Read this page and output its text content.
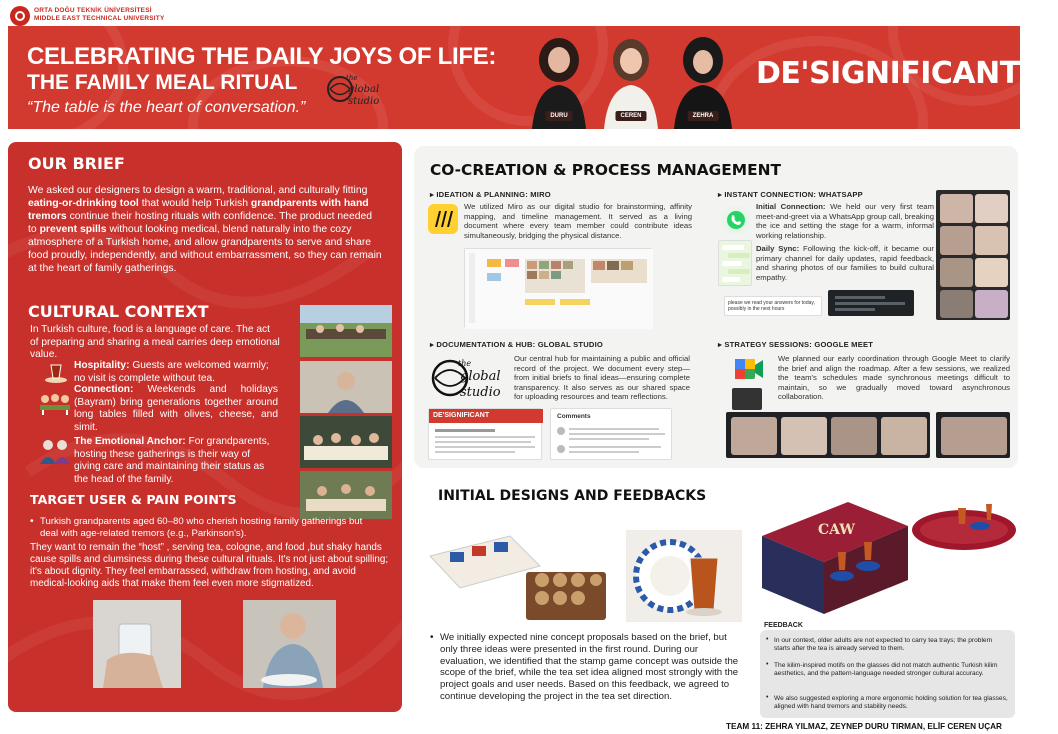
ORTA DOĞU TEKNİK ÜNİVERSİTESİ
MIDDLE EAST TECHNICAL UNIVERSITY
CELEBRATING THE DAILY JOYS OF LIFE:
THE FAMILY MEAL RITUAL
“The table is the heart of conversation.”
the
global
studio
DURU	CEREN	ZEHRA
DE'SIGNIFICANTS
OUR BRIEF
We asked our designers to design a warm, traditional, and culturally fitting eating-or-drinking tool that would help Turkish grandparents with hand tremors continue their hosting rituals with confidence. The product needed to prevent spills without looking medical, blend naturally into the cozy atmosphere of a Turkish home, and allow grandparents to serve and share food proudly, independently, and without embarrassment, so they can remain at the heart of family gatherings.
CULTURAL CONTEXT
In Turkish culture, food is a language of care. The act of preparing and sharing a meal carries deep emotional value.
Hospitality: Guests are welcomed warmly; no visit is complete without tea.
Connection: Weekends and holidays (Bayram) bring generations together around long tables filled with olives, cheese, and simit.
The Emotional Anchor: For grandparents, hosting these gatherings is their way of giving care and maintaining their status as the head of the family.
TARGET USER & PAIN POINTS
• Turkish grandparents aged 60–80 who cherish hosting family gatherings but deal with age-related tremors (e.g., Parkinson's).
They want to remain the “host” , serving tea, cologne, and food ,but shaky hands cause spills and clumsiness during these cultural rituals. It's not just about spilling; it's about dignity. They feel embarrassed, withdraw from hosting, and avoid medical-looking aids that make them feel even more stigmatized.
CO-CREATION & PROCESS MANAGEMENT
▸ IDEATION & PLANNING: MIRO
We utilized Miro as our digital studio for brainstorming, affinity mapping, and timeline management. It served as a living document where every team member could contribute ideas simultaneously, bridging the physical distance.
▸ INSTANT CONNECTION: WHATSAPP
Initial Connection: We held our very first team meet-and-greet via a WhatsApp group call, breaking the ice and setting the stage for a warm, informal working relationship.
Daily Sync: Following the kick-off, it became our primary channel for daily updates, rapid feedback, and sharing photos of our families to build cultural empathy.
please we read your answers for today, possibly in the next hours
▸ DOCUMENTATION & HUB: GLOBAL STUDIO
the
global
studio
Our central hub for maintaining a public and official record of the project. We document every step—from initial briefs to final ideas—ensuring complete transparency. It also serves as our shared space for uploading resources and team reflections.
DE'SIGNIFICANT	Comments
▸ STRATEGY SESSIONS: GOOGLE MEET
We planned our early coordination through Google Meet to clarify the brief and align the roadmap. After a few sessions, we realized the team's schedules made synchronous meetings difficult to maintain, so we gradually moved toward asynchronous collaboration.
INITIAL DESIGNS AND FEEDBACKS
CAW
• We initially expected nine concept proposals based on the brief, but only three ideas were presented in the first round. During our evaluation, we identified that the stamp game concept was outside the scope of the brief, while the tea set idea aligned most strongly with the project goals and user needs. Based on this feedback, we agreed to continue developing the project in the tea set direction.
FEEDBACK
• In our context, older adults are not expected to carry tea trays; the problem starts after the tea is already served to them.
• The kilim-inspired motifs on the glasses did not match authentic Turkish kilim aesthetics, and the pattern-language needed stronger cultural accuracy.
• We also suggested exploring a more ergonomic holding solution for tea glasses, aligned with hand tremors and stability needs.
TEAM 11: ZEHRA YILMAZ, ZEYNEP DURU TIRMAN, ELİF CEREN UÇAR
